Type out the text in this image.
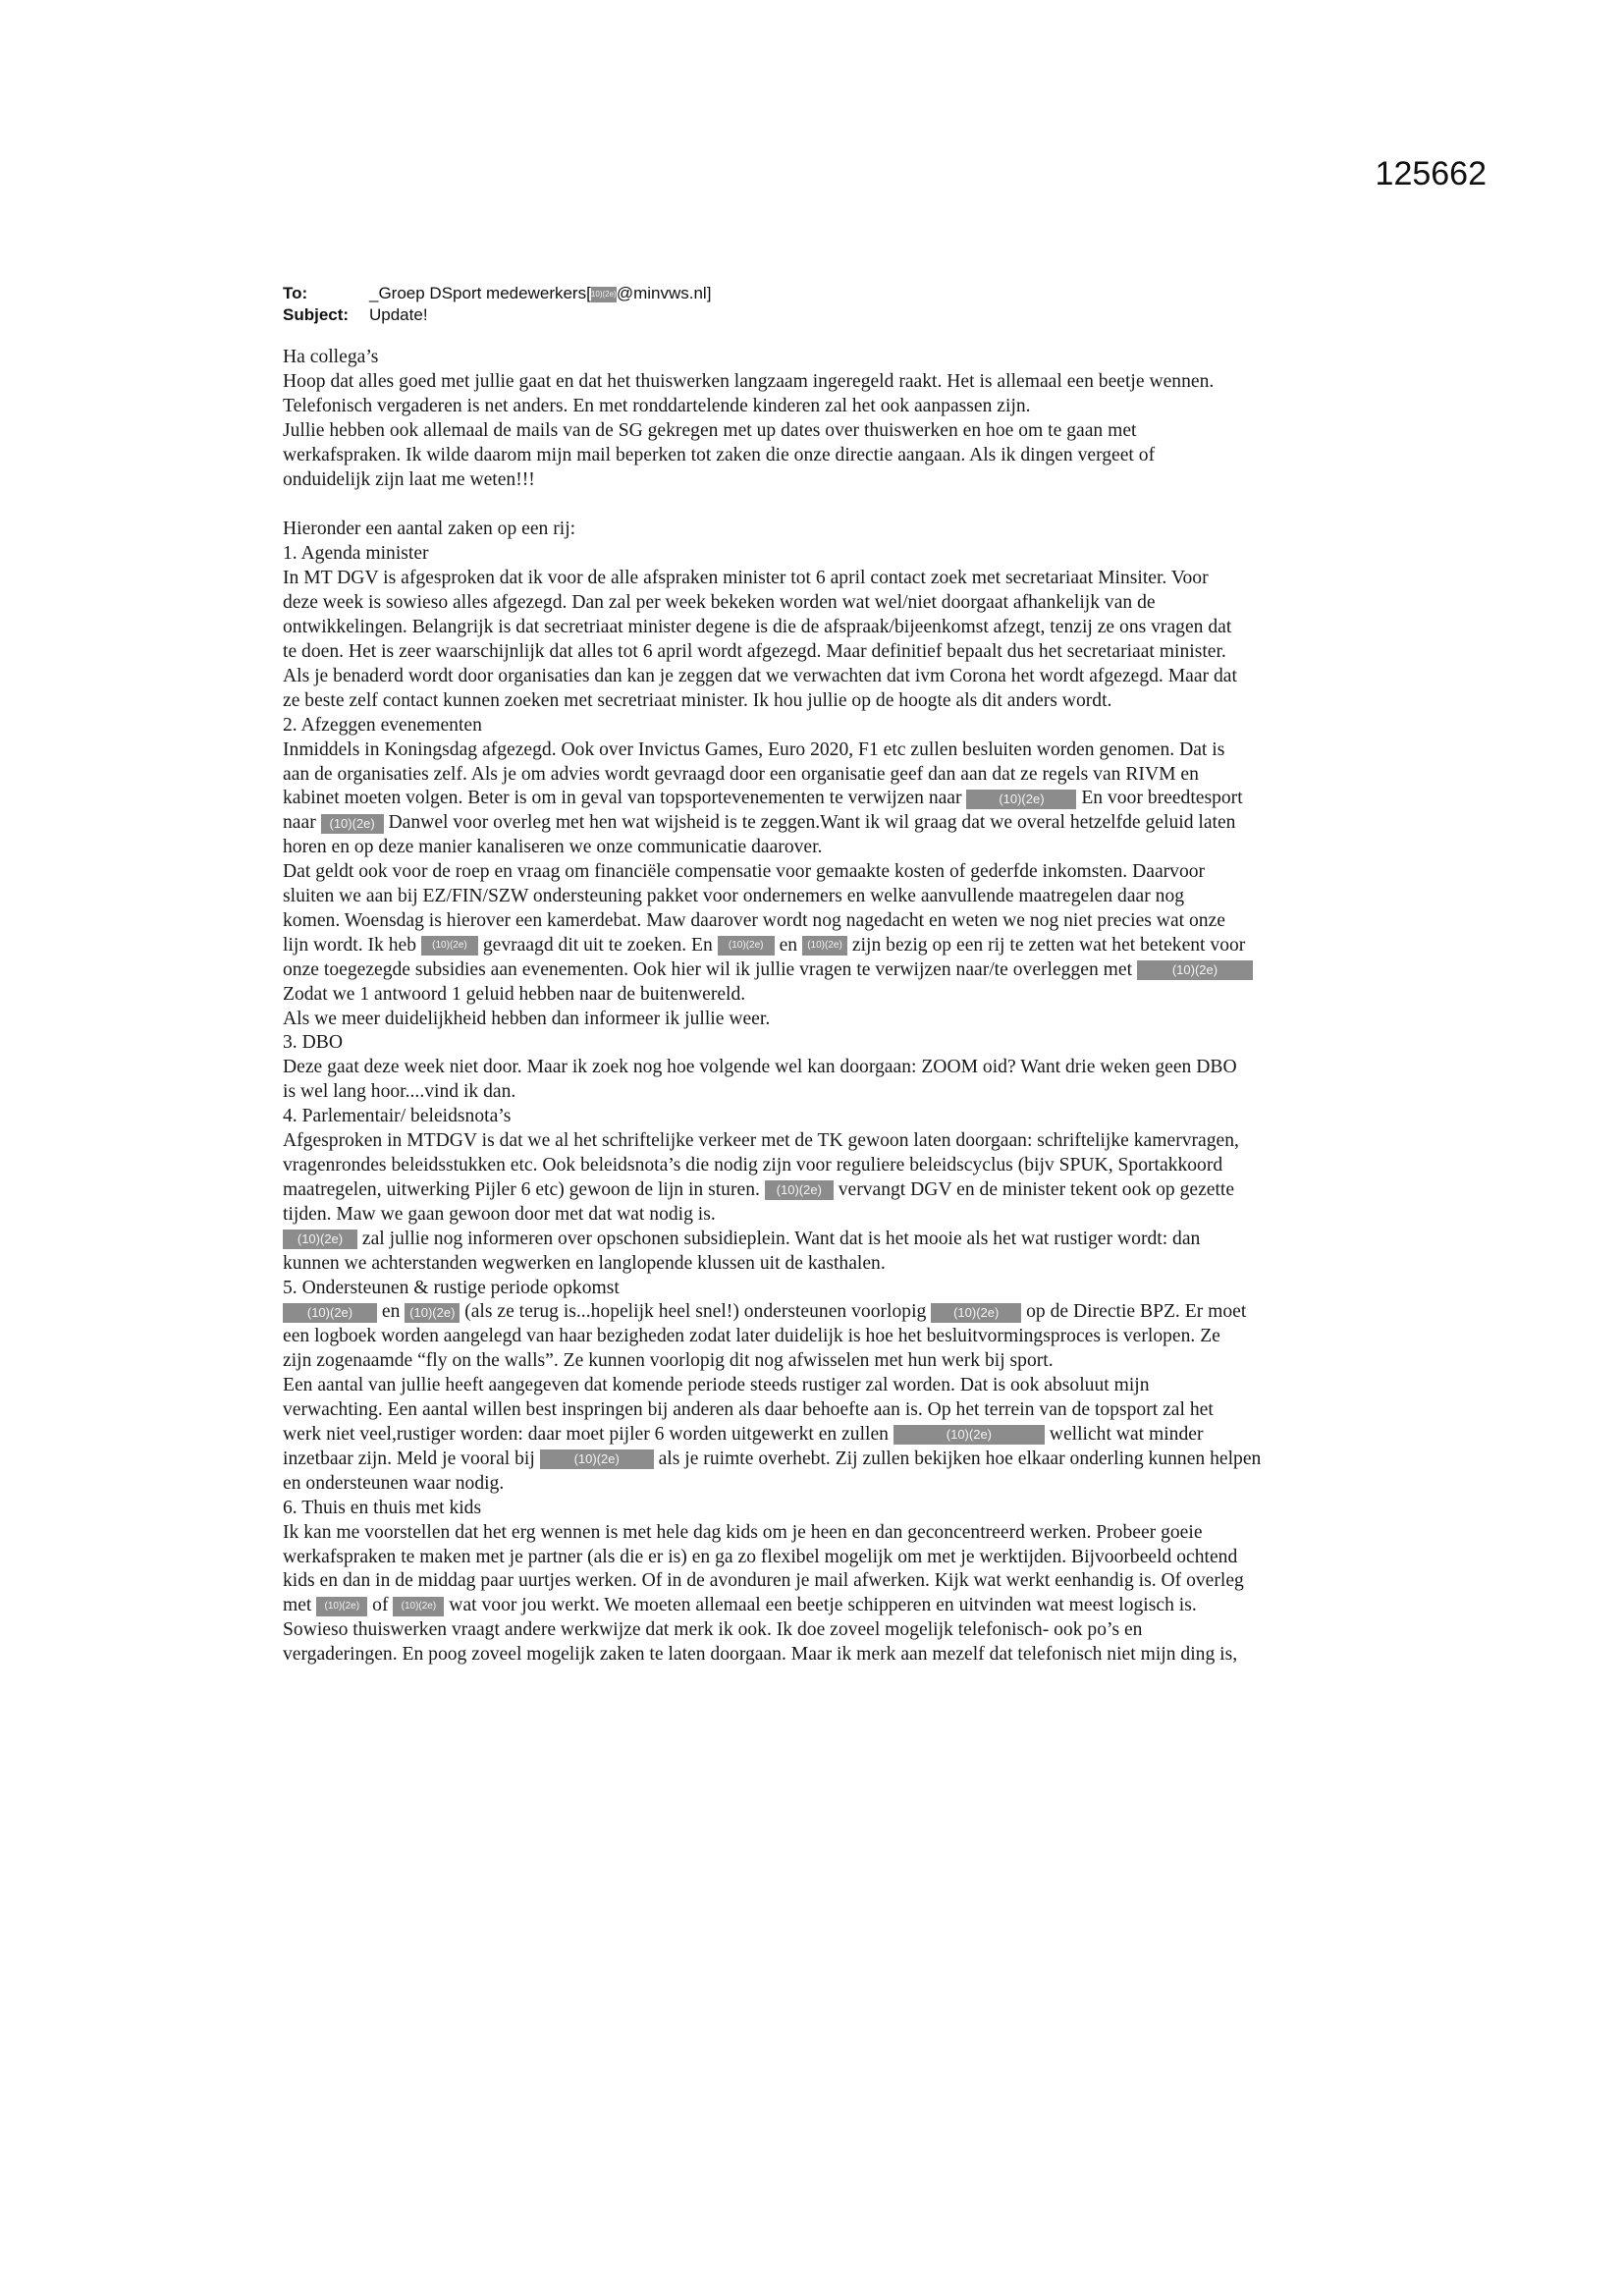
125662
To:	_Groep DSport medewerkers[10)(2e)@minvws.nl]
Subject:	Update!

Ha collega’s

Hoop dat alles goed met jullie gaat en dat het thuiswerken langzaam ingeregeld raakt. Het is allemaal een beetje wennen.

Telefonisch vergaderen is net anders. En met ronddartelende kinderen zal het ook aanpassen zijn.

Jullie hebben ook allemaal de mails van de SG gekregen met up dates over thuiswerken en hoe om te gaan met

werkafspraken. Ik wilde daarom mijn mail beperken tot zaken die onze directie aangaan. Als ik dingen vergeet of

onduidelijk zijn laat me weten!!!

Hieronder een aantal zaken op een rij:

1. Agenda minister

In MT DGV is afgesproken dat ik voor de alle afspraken minister tot 6 april contact zoek met secretariaat Minsiter. Voor

deze week is sowieso alles afgezegd. Dan zal per week bekeken worden wat wel/niet doorgaat afhankelijk van de

ontwikkelingen. Belangrijk is dat secretriaat minister degene is die de afspraak/bijeenkomst afzegt, tenzij ze ons vragen dat

te doen. Het is zeer waarschijnlijk dat alles tot 6 april wordt afgezegd. Maar definitief bepaalt dus het secretariaat minister.

Als je benaderd wordt door organisaties dan kan je zeggen dat we verwachten dat ivm Corona het wordt afgezegd. Maar dat

ze beste zelf contact kunnen zoeken met secretriaat minister. Ik hou jullie op de hoogte als dit anders wordt.

2. Afzeggen evenementen

Inmiddels in Koningsdag afgezegd. Ook over Invictus Games, Euro 2020, F1 etc zullen besluiten worden genomen. Dat is

aan de organisaties zelf. Als je om advies wordt gevraagd door een organisatie geef dan aan dat ze regels van RIVM en

kabinet moeten volgen. Beter is om in geval van topsportevenementen te verwijzen naar	(10)(2e) En voor breedtesport

naar (10)(2e) Danwel voor overleg met hen wat wijsheid is te zeggen.Want ik wil graag dat we overal hetzelfde geluid laten

horen en op deze manier kanaliseren we onze communicatie daarover.

Dat geldt ook voor de roep en vraag om financiële compensatie voor gemaakte kosten of gederfde inkomsten. Daarvoor

sluiten we aan bij EZ/FIN/SZW ondersteuning pakket voor ondernemers en welke aanvullende maatregelen daar nog

komen. Woensdag is hierover een kamerdebat. Maw daarover wordt nog nagedacht en weten we nog niet precies wat onze

lijn wordt. Ik heb (10)(2e) gevraagd dit uit te zoeken. En (10)(2e) en (10)(2e) zijn bezig op een rij te zetten wat het betekent voor

onze toegezegde subsidies aan evenementen. Ook hier wil ik jullie vragen te verwijzen naar/te overleggen met	(10)(2e)

Zodat we 1 antwoord 1 geluid hebben naar de buitenwereld.

Als we meer duidelijkheid hebben dan informeer ik jullie weer.

3. DBO

Deze gaat deze week niet door. Maar ik zoek nog hoe volgende wel kan doorgaan: ZOOM oid? Want drie weken geen DBO

is wel lang hoor....vind ik dan.

4. Parlementair/ beleidsnota’s

Afgesproken in MTDGV is dat we al het schriftelijke verkeer met de TK gewoon laten doorgaan: schriftelijke kamervragen,

vragenrondes beleidsstukken etc. Ook beleidsnota’s die nodig zijn voor reguliere beleidscyclus (bijv SPUK, Sportakkoord

maatregelen, uitwerking Pijler 6 etc) gewoon de lijn in sturen. (10)(2e) vervangt DGV en de minister tekent ook op gezette

tijden. Maw we gaan gewoon door met dat wat nodig is.

(10)(2e) zal jullie nog informeren over opschonen subsidieplein. Want dat is het mooie als het wat rustiger wordt: dan

kunnen we achterstanden wegwerken en langlopende klussen uit de kasthalen.

5. Ondersteunen & rustige periode opkomst

(10)(2e) en (10)(2e) (als ze terug is...hopelijk heel snel!) ondersteunen voorlopig (10)(2e) op de Directie BPZ. Er moet

een logboek worden aangelegd van haar bezigheden zodat later duidelijk is hoe het besluitvormingsproces is verlopen. Ze

zijn zogenaamde “fly on the walls”. Ze kunnen voorlopig dit nog afwisselen met hun werk bij sport.

Een aantal van jullie heeft aangegeven dat komende periode steeds rustiger zal worden. Dat is ook absoluut mijn

verwachting. Een aantal willen best inspringen bij anderen als daar behoefte aan is. Op het terrein van de topsport zal het

werk niet veel,rustiger worden: daar moet pijler 6 worden uitgewerkt en zullen	(10)(2e)	wellicht wat minder

inzetbaar zijn. Meld je vooral bij	(10)(2e) als je ruimte overhebt. Zij zullen bekijken hoe elkaar onderling kunnen helpen

en ondersteunen waar nodig.

6. Thuis en thuis met kids

Ik kan me voorstellen dat het erg wennen is met hele dag kids om je heen en dan geconcentreerd werken. Probeer goeie

werkafspraken te maken met je partner (als die er is) en ga zo flexibel mogelijk om met je werktijden. Bijvoorbeeld ochtend

kids en dan in de middag paar uurtjes werken. Of in de avonduren je mail afwerken. Kijk wat werkt eenhandig is. Of overleg

met (10)(2e) of (10)(2e) wat voor jou werkt. We moeten allemaal een beetje schipperen en uitvinden wat meest logisch is.

Sowieso thuiswerken vraagt andere werkwijze dat merk ik ook. Ik doe zoveel mogelijk telefonisch- ook po’s en

vergaderingen. En poog zoveel mogelijk zaken te laten doorgaan. Maar ik merk aan mezelf dat telefonisch niet mijn ding is,
